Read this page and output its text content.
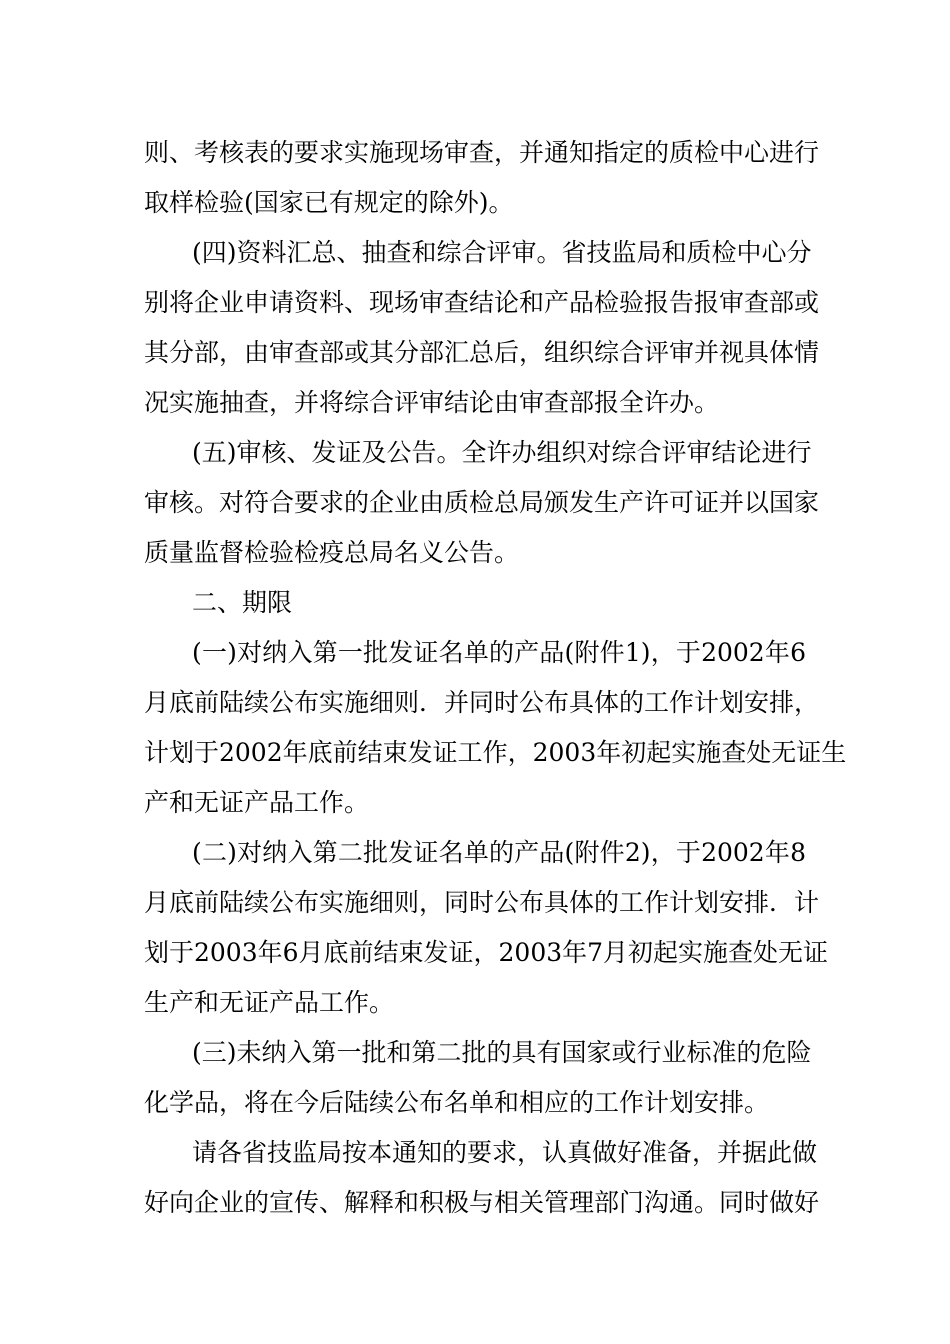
则、考核表的要求实施现场审查，并通知指定的质检中心进行
取样检验(国家已有规定的除外)。
(四)资料汇总、抽查和综合评审。省技监局和质检中心分
别将企业申请资料、现场审查结论和产品检验报告报审查部或
其分部，由审查部或其分部汇总后，组织综合评审并视具体情
况实施抽查，并将综合评审结论由审查部报全许办。
(五)审核、发证及公告。全许办组织对综合评审结论进行
审核。对符合要求的企业由质检总局颁发生产许可证并以国家
质量监督检验检疫总局名义公告。
二、期限
(一)对纳入第一批发证名单的产品(附件1)，于2002年6
月底前陆续公布实施细则．并同时公布具体的工作计划安排，
计划于2002年底前结束发证工作，2003年初起实施查处无证生
产和无证产品工作。
(二)对纳入第二批发证名单的产品(附件2)，于2002年8
月底前陆续公布实施细则，同时公布具体的工作计划安排．计
划于2003年6月底前结束发证，2003年7月初起实施查处无证
生产和无证产品工作。
(三)未纳入第一批和第二批的具有国家或行业标准的危险
化学品，将在今后陆续公布名单和相应的工作计划安排。
请各省技监局按本通知的要求，认真做好准备，并据此做
好向企业的宣传、解释和积极与相关管理部门沟通。同时做好
